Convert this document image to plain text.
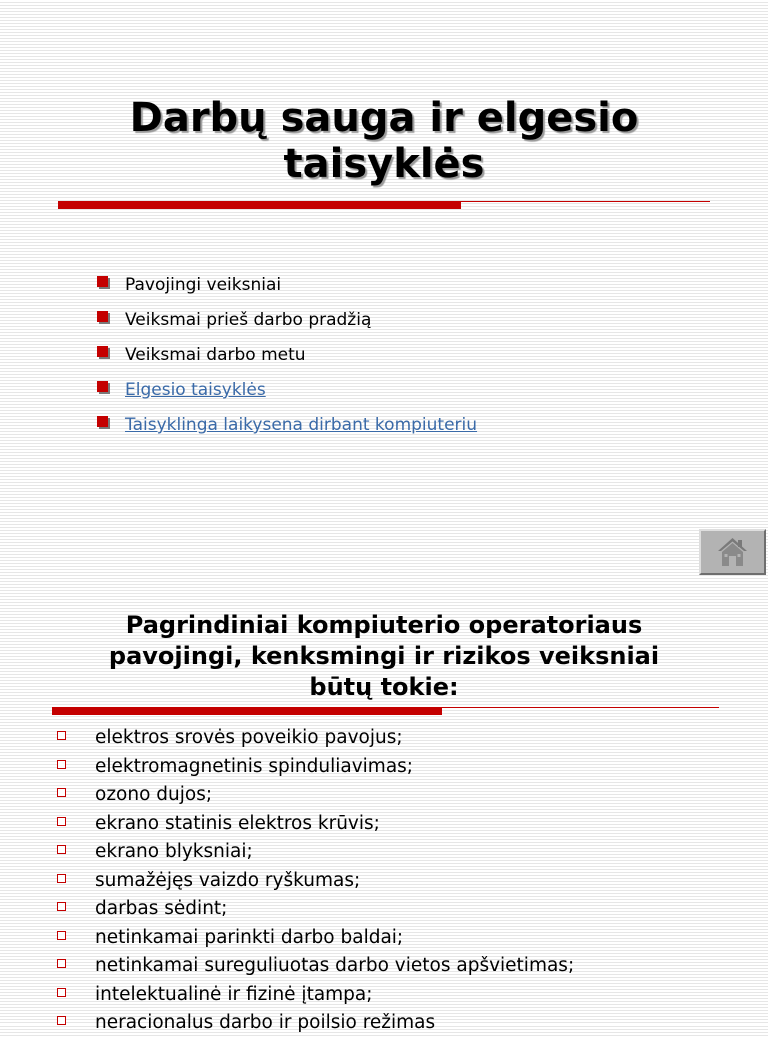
Darbų sauga ir elgesio
taisyklės
Pavojingi veiksniai
Veiksmai prieš darbo pradžią
Veiksmai darbo metu
Elgesio taisyklės
Taisyklinga laikysena dirbant kompiuteriu
Pagrindiniai kompiuterio operatoriaus
pavojingi, kenksmingi ir rizikos veiksniai
būtų tokie:
elektros srovės poveikio pavojus;
elektromagnetinis spinduliavimas;
ozono dujos;
ekrano statinis elektros krūvis;
ekrano blyksniai;
sumažėjęs vaizdo ryškumas;
darbas sėdint;
netinkamai parinkti darbo baldai;
netinkamai sureguliuotas darbo vietos apšvietimas;
intelektualinė ir fizinė įtampa;
neracionalus darbo ir poilsio režimas
